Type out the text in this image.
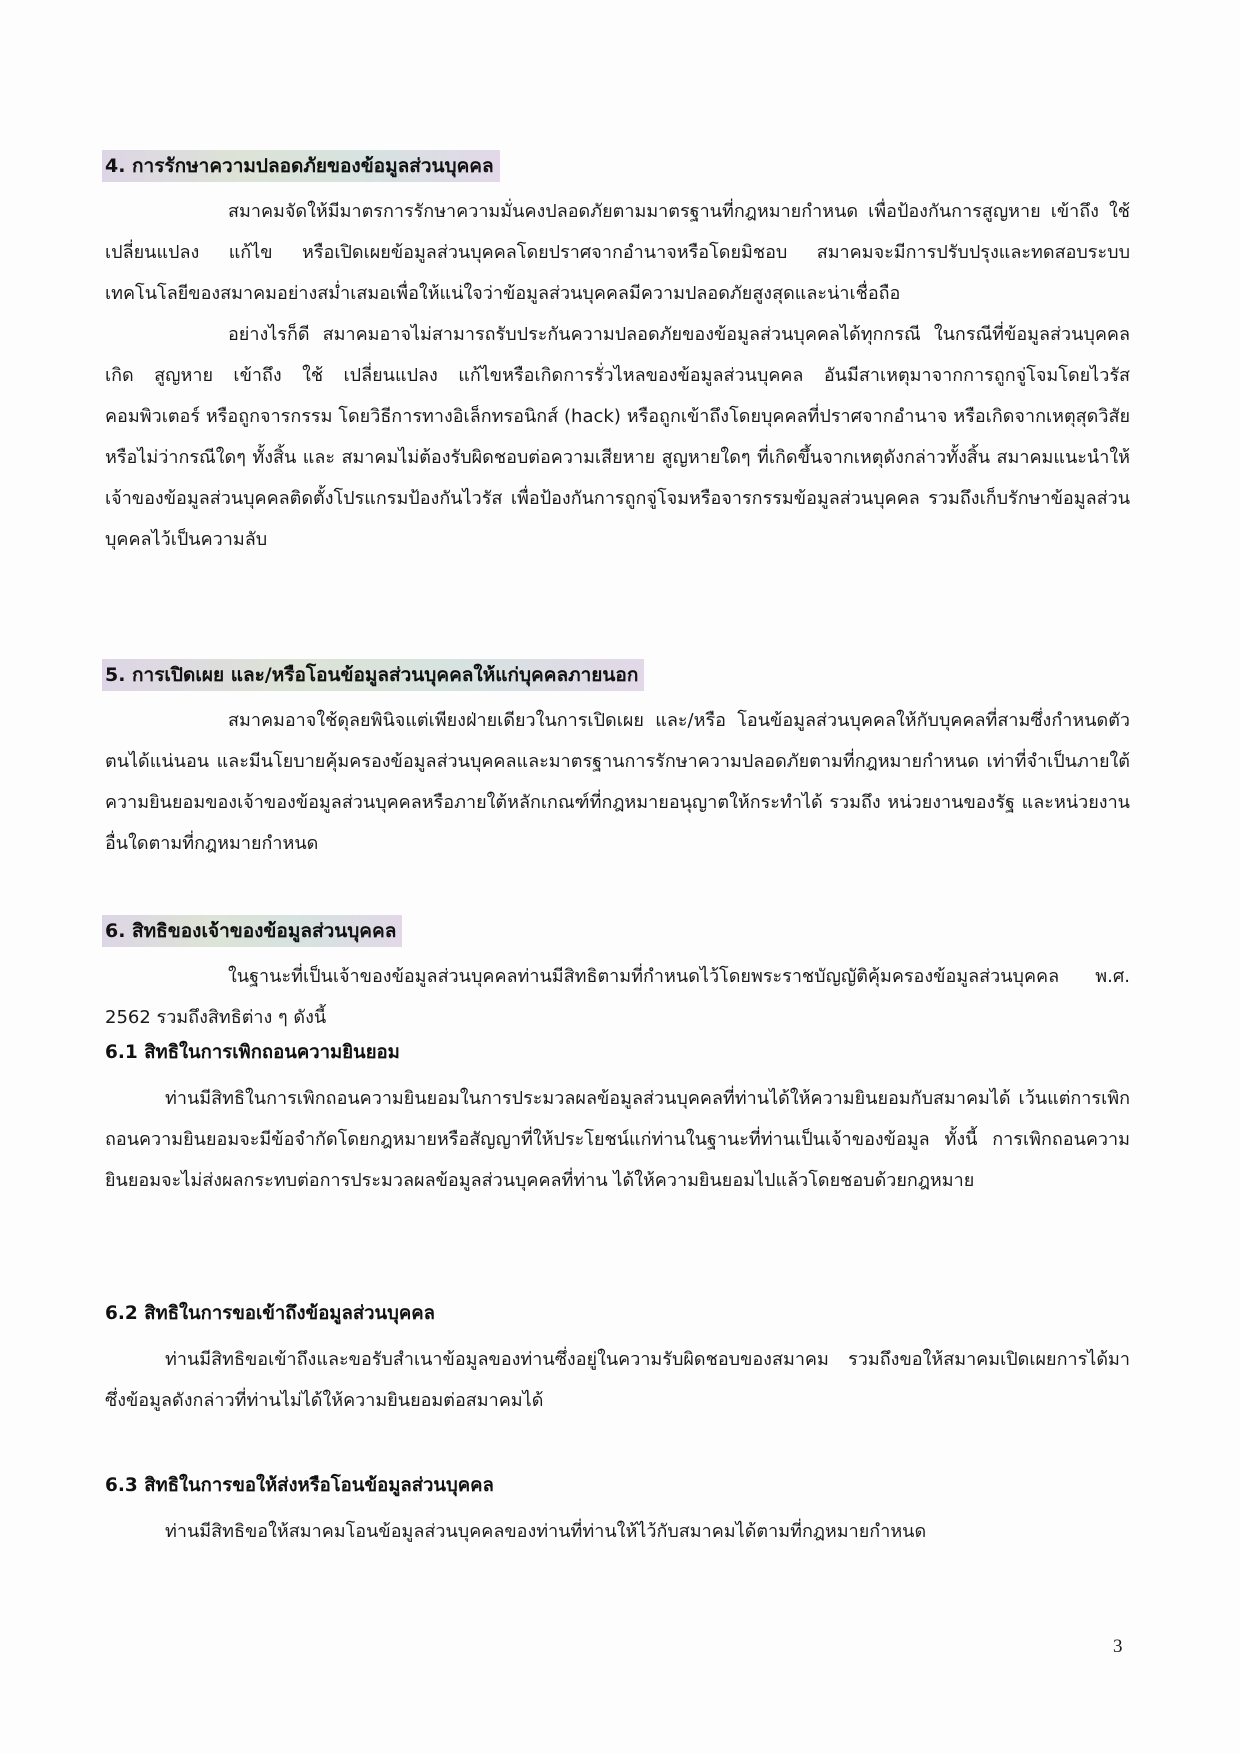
4. การรักษาความปลอดภัยของข้อมูลส่วนบุคคล

สมาคมจัดให้มีมาตรการรักษาความมั่นคงปลอดภัยตามมาตรฐานที่กฎหมายกำหนด เพื่อป้องกันการสูญหาย เข้าถึง ใช้ เปลี่ยนแปลง แก้ไข หรือเปิดเผยข้อมูลส่วนบุคคลโดยปราศจากอำนาจหรือโดยมิชอบ สมาคมจะมีการปรับปรุงและทดสอบระบบเทคโนโลยีของสมาคมอย่างสม่ำเสมอเพื่อให้แน่ใจว่าข้อมูลส่วนบุคคลมีความปลอดภัยสูงสุดและน่าเชื่อถือ

อย่างไรก็ดี สมาคมอาจไม่สามารถรับประกันความปลอดภัยของข้อมูลส่วนบุคคลได้ทุกกรณี ในกรณีที่ข้อมูลส่วนบุคคลเกิด สูญหาย เข้าถึง ใช้ เปลี่ยนแปลง แก้ไขหรือเกิดการรั่วไหลของข้อมูลส่วนบุคคล อันมีสาเหตุมาจากการถูกจู่โจมโดยไวรัสคอมพิวเตอร์ หรือถูกจารกรรม โดยวิธีการทางอิเล็กทรอนิกส์ (hack) หรือถูกเข้าถึงโดยบุคคลที่ปราศจากอำนาจ หรือเกิดจากเหตุสุดวิสัย หรือไม่ว่ากรณีใดๆ ทั้งสิ้น และ สมาคมไม่ต้องรับผิดชอบต่อความเสียหาย สูญหายใดๆ ที่เกิดขึ้นจากเหตุดังกล่าวทั้งสิ้น สมาคมแนะนำให้เจ้าของข้อมูลส่วนบุคคลติดตั้งโปรแกรมป้องกันไวรัส เพื่อป้องกันการถูกจู่โจมหรือจารกรรมข้อมูลส่วนบุคคล รวมถึงเก็บรักษาข้อมูลส่วนบุคคลไว้เป็นความลับ

5. การเปิดเผย และ/หรือโอนข้อมูลส่วนบุคคลให้แก่บุคคลภายนอก

สมาคมอาจใช้ดุลยพินิจแต่เพียงฝ่ายเดียวในการเปิดเผย และ/หรือ โอนข้อมูลส่วนบุคคลให้กับบุคคลที่สามซึ่งกำหนดตัวตนได้แน่นอน และมีนโยบายคุ้มครองข้อมูลส่วนบุคคลและมาตรฐานการรักษาความปลอดภัยตามที่กฎหมายกำหนด เท่าที่จำเป็นภายใต้ความยินยอมของเจ้าของข้อมูลส่วนบุคคลหรือภายใต้หลักเกณฑ์ที่กฎหมายอนุญาตให้กระทำได้ รวมถึง หน่วยงานของรัฐ และหน่วยงานอื่นใดตามที่กฎหมายกำหนด

6. สิทธิของเจ้าของข้อมูลส่วนบุคคล

ในฐานะที่เป็นเจ้าของข้อมูลส่วนบุคคลท่านมีสิทธิตามที่กำหนดไว้โดยพระราชบัญญัติคุ้มครองข้อมูลส่วนบุคคล พ.ศ. 2562 รวมถึงสิทธิต่าง ๆ ดังนี้

6.1 สิทธิในการเพิกถอนความยินยอม

ท่านมีสิทธิในการเพิกถอนความยินยอมในการประมวลผลข้อมูลส่วนบุคคลที่ท่านได้ให้ความยินยอมกับสมาคมได้ เว้นแต่การเพิกถอนความยินยอมจะมีข้อจำกัดโดยกฎหมายหรือสัญญาที่ให้ประโยชน์แก่ท่านในฐานะที่ท่านเป็นเจ้าของข้อมูล ทั้งนี้ การเพิกถอนความยินยอมจะไม่ส่งผลกระทบต่อการประมวลผลข้อมูลส่วนบุคคลที่ท่าน ได้ให้ความยินยอมไปแล้วโดยชอบด้วยกฎหมาย

6.2 สิทธิในการขอเข้าถึงข้อมูลส่วนบุคคล

ท่านมีสิทธิขอเข้าถึงและขอรับสำเนาข้อมูลของท่านซึ่งอยู่ในความรับผิดชอบของสมาคม รวมถึงขอให้สมาคมเปิดเผยการได้มาซึ่งข้อมูลดังกล่าวที่ท่านไม่ได้ให้ความยินยอมต่อสมาคมได้

6.3 สิทธิในการขอให้ส่งหรือโอนข้อมูลส่วนบุคคล

ท่านมีสิทธิขอให้สมาคมโอนข้อมูลส่วนบุคคลของท่านที่ท่านให้ไว้กับสมาคมได้ตามที่กฎหมายกำหนด

3
